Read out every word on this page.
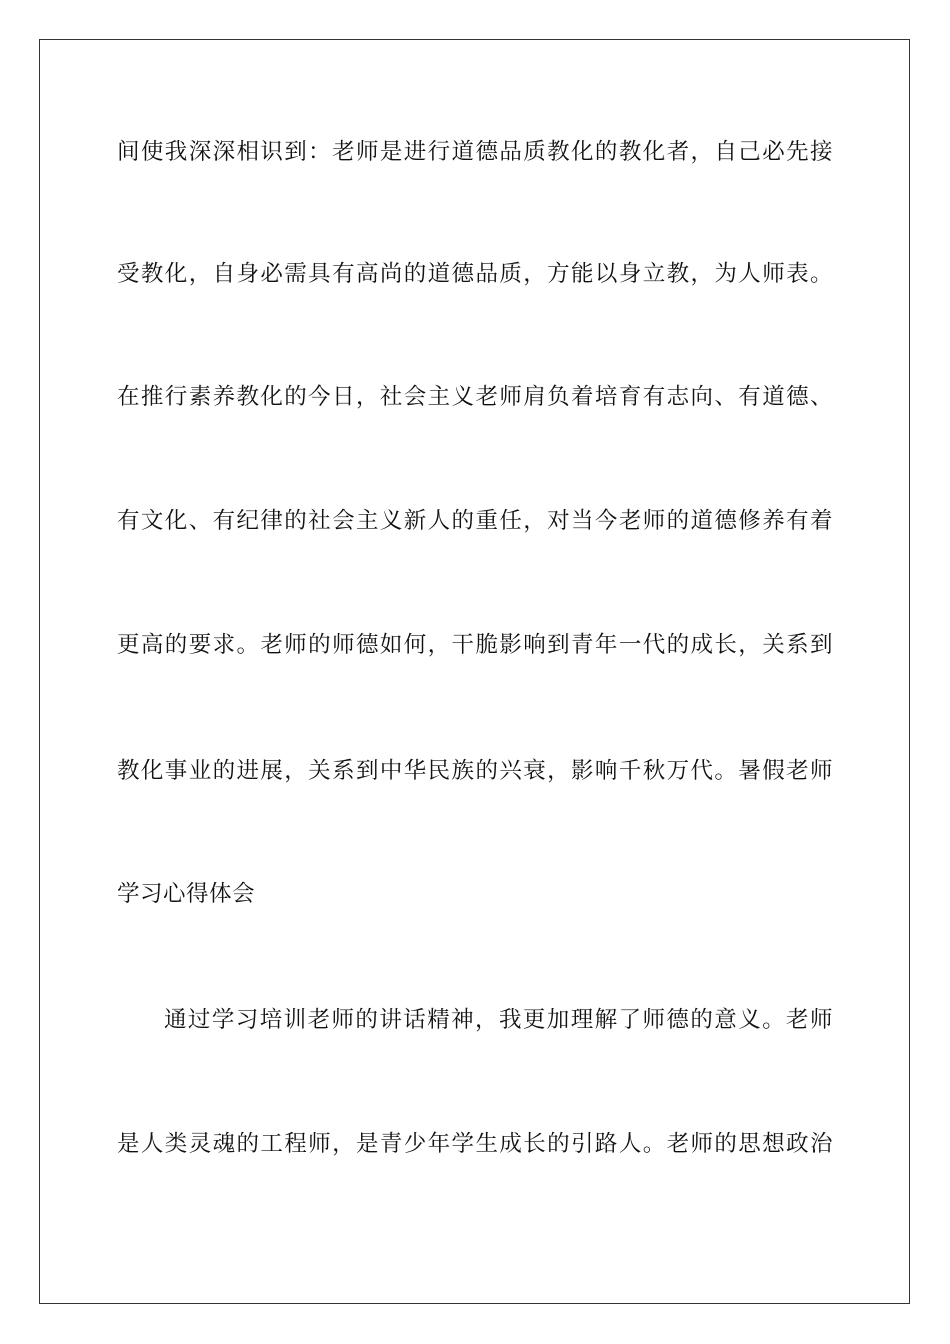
间使我深深相识到：老师是进行道德品质教化的教化者，自己必先接
受教化，自身必需具有高尚的道德品质，方能以身立教，为人师表。
在推行素养教化的今日，社会主义老师肩负着培育有志向、有道德、
有文化、有纪律的社会主义新人的重任，对当今老师的道德修养有着
更高的要求。老师的师德如何，干脆影响到青年一代的成长，关系到
教化事业的进展，关系到中华民族的兴衰，影响千秋万代。暑假老师
学习心得体会
通过学习培训老师的讲话精神，我更加理解了师德的意义。老师
是人类灵魂的工程师，是青少年学生成长的引路人。老师的思想政治
